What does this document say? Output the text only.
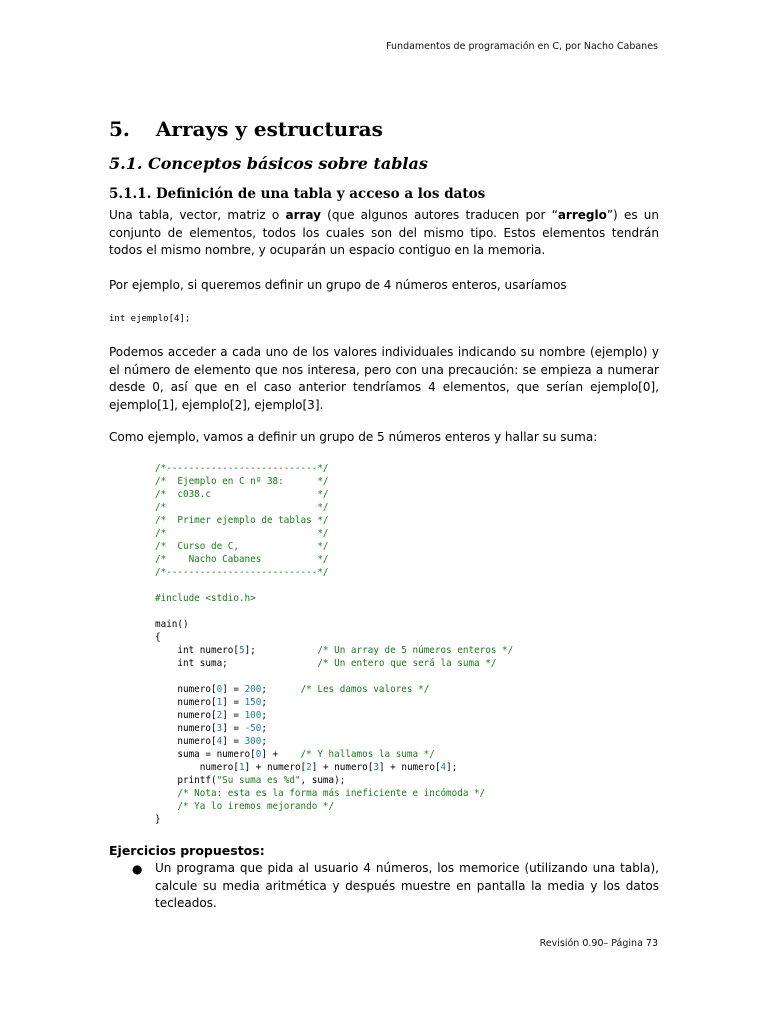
Fundamentos de programación en C, por Nacho Cabanes
5. Arrays y estructuras
5.1. Conceptos básicos sobre tablas
5.1.1. Definición de una tabla y acceso a los datos
Una tabla, vector, matriz o array (que algunos autores traducen por “arreglo”) es un conjunto de elementos, todos los cuales son del mismo tipo. Estos elementos tendrán todos el mismo nombre, y ocuparán un espacio contiguo en la memoria.
Por ejemplo, si queremos definir un grupo de 4 números enteros, usaríamos
int ejemplo[4];
Podemos acceder a cada uno de los valores individuales indicando su nombre (ejemplo) y el número de elemento que nos interesa, pero con una precaución: se empieza a numerar desde 0, así que en el caso anterior tendríamos 4 elementos, que serían ejemplo[0], ejemplo[1], ejemplo[2], ejemplo[3].
Como ejemplo, vamos a definir un grupo de 5 números enteros y hallar su suma:
/*---------------------------*/
/*  Ejemplo en C nº 38:      */
/*  c038.c                   */
/*                           */
/*  Primer ejemplo de tablas */
/*                           */
/*  Curso de C,              */
/*    Nacho Cabanes          */
/*---------------------------*/

#include <stdio.h>

main()
{
int numero[5];           /* Un array de 5 números enteros */
int suma;                /* Un entero que será la suma */

numero[0] = 200;      /* Les damos valores */
numero[1] = 150;
numero[2] = 100;
numero[3] = -50;
numero[4] = 300;
suma = numero[0] +    /* Y hallamos la suma */
numero[1] + numero[2] + numero[3] + numero[4];
printf("Su suma es %d", suma);
/* Nota: esta es la forma más ineficiente e incómoda */
/* Ya lo iremos mejorando */
}
Ejercicios propuestos:
● Un programa que pida al usuario 4 números, los memorice (utilizando una tabla), calcule su media aritmética y después muestre en pantalla la media y los datos tecleados.
Revisión 0.90– Página 73
